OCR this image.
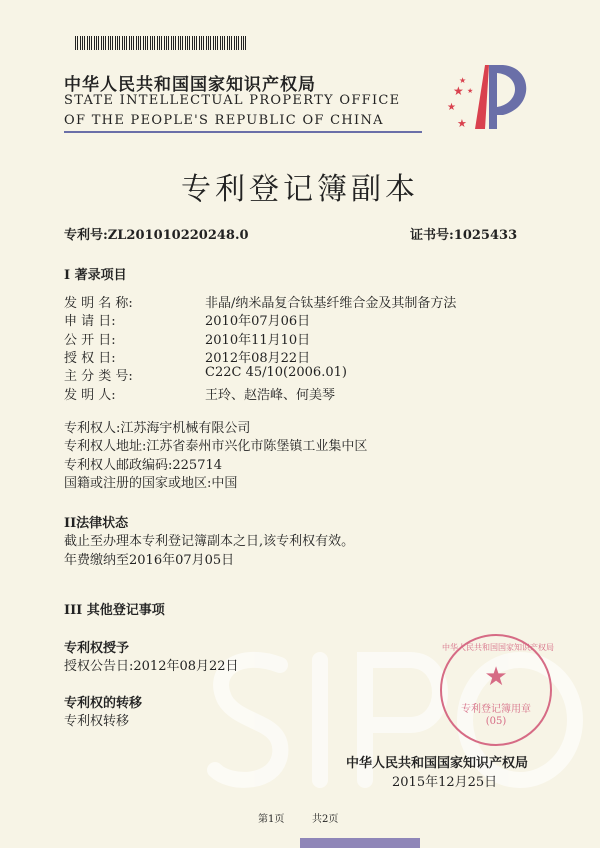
中华人民共和国国家知识产权局
STATE INTELLECTUAL PROPERTY OFFICE
OF THE PEOPLE'S REPUBLIC OF CHINA
★
★
★
★
★
专利登记簿副本
专利号:ZL201010220248.0	证书号:1025433
I 著录项目
发 明 名 称:	非晶/纳米晶复合钛基纤维合金及其制备方法
申 请 日:	2010年07月06日
公 开 日:	2010年11月10日
授 权 日:	2012年08月22日
主 分 类 号:	C22C 45/10(2006.01)
发 明 人:	王玲、赵浩峰、何美琴
专利权人:江苏海宇机械有限公司
专利权人地址:江苏省泰州市兴化市陈堡镇工业集中区
专利权人邮政编码:225714
国籍或注册的国家或地区:中国
II法律状态
截止至办理本专利登记簿副本之日,该专利权有效。
年费缴纳至2016年07月05日
III 其他登记事项
专利权授予
授权公告日:2012年08月22日
专利权的转移
专利权转移
中华人民共和国国家知识产权局
★
专利登记簿用章
(05)
中华人民共和国国家知识产权局
2015年12月25日
第1页	共2页
